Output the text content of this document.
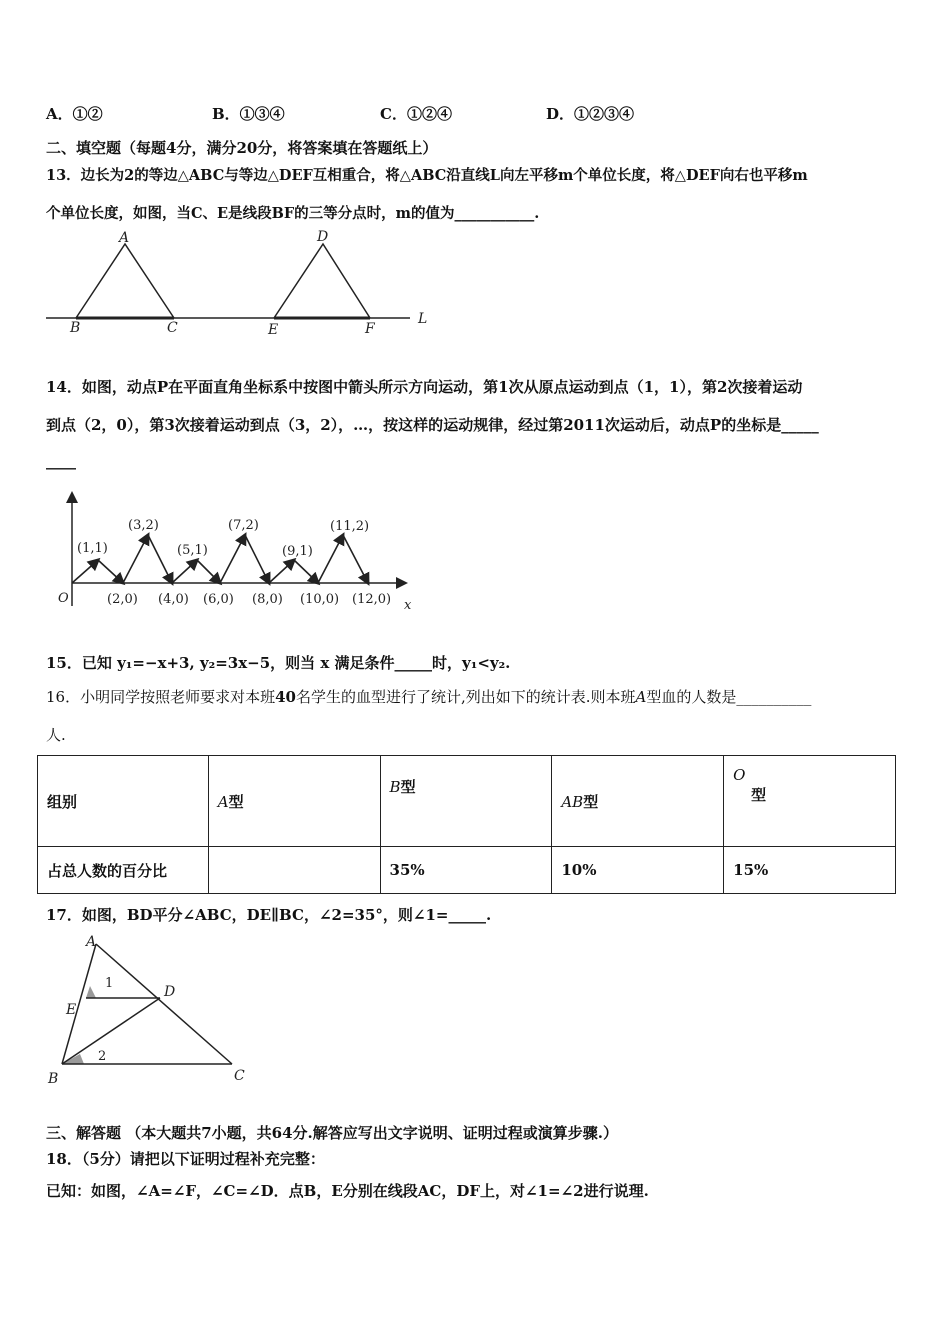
A．①②	B．①③④	C．①②④	D．①②③④
二、填空题（每题4分，满分20分，将答案填在答题纸上）
13．边长为2的等边△ABC与等边△DEF互相重合，将△ABC沿直线L向左平移m个单位长度，将△DEF向右也平移m
个单位长度，如图，当C、E是线段BF的三等分点时，m的值为___________.
A
B	C
D
E	F
L
14．如图，动点P在平面直角坐标系中按图中箭头所示方向运动，第1次从原点运动到点（1，1），第2次接着运动
到点（2，0），第3次接着运动到点（3，2），…，按这样的运动规律，经过第2011次运动后，动点P的坐标是_____
____
(1,1)
(3,2)
(5,1)
(7,2)
(9,1)
(11,2)
O	(2,0) (4,0) (6,0) (8,0) (10,0) (12,0) x
15．已知 y₁=−x+3, y₂=3x−5，则当 x 满足条件_____时，y₁<y₂.
16．小明同学按照老师要求对本班40名学生的血型进行了统计,列出如下的统计表.则本班A型血的人数是__________
人.
组别	A型	B型	AB型	O
型
占总人数的百分比		35%	10%	15%
17．如图，BD平分∠ABC，DE∥BC，∠2=35°，则∠1=_____.
A
D
E
B	C
1
2
三、解答题 （本大题共7小题，共64分.解答应写出文字说明、证明过程或演算步骤.）
18．（5分）请把以下证明过程补充完整：
已知：如图，∠A=∠F，∠C=∠D．点B，E分别在线段AC，DF上，对∠1=∠2进行说理.
